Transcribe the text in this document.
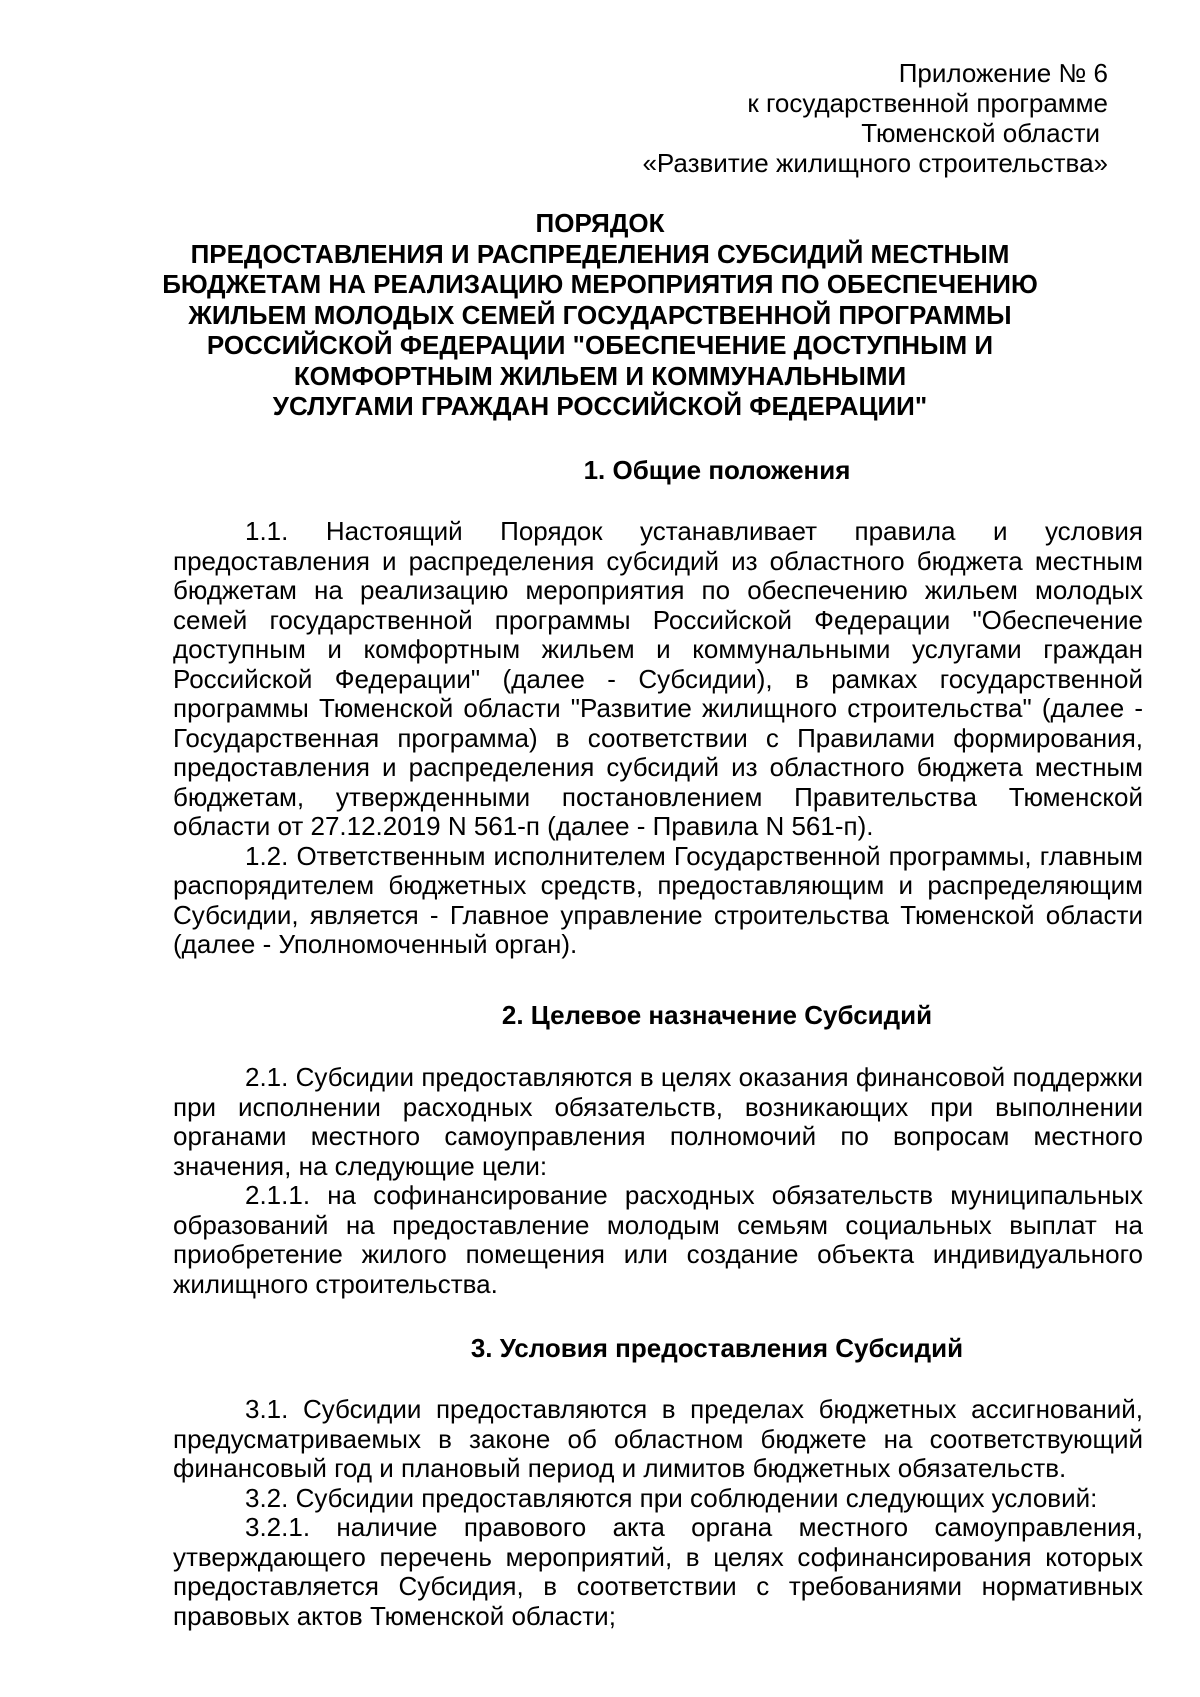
Приложение № 6
к государственной программе
Тюменской области
«Развитие жилищного строительства»
ПОРЯДОК
ПРЕДОСТАВЛЕНИЯ И РАСПРЕДЕЛЕНИЯ СУБСИДИЙ МЕСТНЫМ
БЮДЖЕТАМ НА РЕАЛИЗАЦИЮ МЕРОПРИЯТИЯ ПО ОБЕСПЕЧЕНИЮ
ЖИЛЬЕМ МОЛОДЫХ СЕМЕЙ ГОСУДАРСТВЕННОЙ ПРОГРАММЫ
РОССИЙСКОЙ ФЕДЕРАЦИИ "ОБЕСПЕЧЕНИЕ ДОСТУПНЫМ И
КОМФОРТНЫМ ЖИЛЬЕМ И КОММУНАЛЬНЫМИ
УСЛУГАМИ ГРАЖДАН РОССИЙСКОЙ ФЕДЕРАЦИИ"
1. Общие положения

1.1. Настоящий Порядок устанавливает правила и условия предоставления и распределения субсидий из областного бюджета местным бюджетам на реализацию мероприятия по обеспечению жильем молодых семей государственной программы Российской Федерации "Обеспечение доступным и комфортным жильем и коммунальными услугами граждан Российской Федерации" (далее - Субсидии), в рамках государственной программы Тюменской области "Развитие жилищного строительства" (далее - Государственная программа) в соответствии с Правилами формирования, предоставления и распределения субсидий из областного бюджета местным бюджетам, утвержденными постановлением Правительства Тюменской области от 27.12.2019 N 561-п (далее - Правила N 561-п).

1.2. Ответственным исполнителем Государственной программы, главным распорядителем бюджетных средств, предоставляющим и распределяющим Субсидии, является - Главное управление строительства Тюменской области (далее - Уполномоченный орган).

2. Целевое назначение Субсидий

2.1. Субсидии предоставляются в целях оказания финансовой поддержки при исполнении расходных обязательств, возникающих при выполнении органами местного самоуправления полномочий по вопросам местного значения, на следующие цели:

2.1.1. на софинансирование расходных обязательств муниципальных образований на предоставление молодым семьям социальных выплат на приобретение жилого помещения или создание объекта индивидуального жилищного строительства.

3. Условия предоставления Субсидий

3.1. Субсидии предоставляются в пределах бюджетных ассигнований, предусматриваемых в законе об областном бюджете на соответствующий финансовый год и плановый период и лимитов бюджетных обязательств.

3.2. Субсидии предоставляются при соблюдении следующих условий:

3.2.1. наличие правового акта органа местного самоуправления, утверждающего перечень мероприятий, в целях софинансирования которых предоставляется Субсидия, в соответствии с требованиями нормативных правовых актов Тюменской области;
